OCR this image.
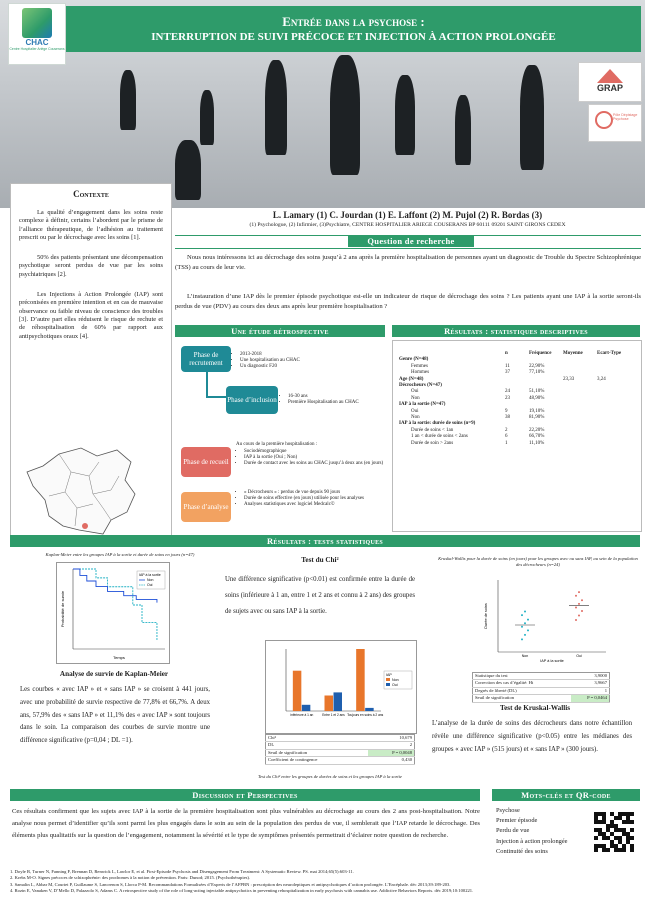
CHAC
Centre Hospitalier Ariège Couserans
Entrée dans la psychose :
INTERRUPTION DE SUIVI PRÉCOCE ET INJECTION À ACTION PROLONGÉE
GRAP
Pôle Dépistage Psychose
Contexte
La qualité d’engagement dans les soins reste complexe à définir, certains l’abordent par le prisme de l’alliance thérapeutique, de l’adhésion au traitement prescrit ou par le décrochage avec les soins [1].
50% des patients présentant une décompensation psychotique seront perdus de vue par les soins psychiatriques [2].
Les Injections à Action Prolongée (IAP) sont préconisées en première intention et en cas de mauvaise observance ou faible niveau de conscience des troubles [3]. D’autre part elles réduisent le risque de rechute et de réhospitalisation de 60% par rapport aux antipsychotiques oraux [4].
L. Lamary (1) C. Jourdan (1) E. Laffont (2) M. Pujol (2) R. Bordas (3)
(1) Psychologue, (2) Infirmier, (3)Psychiatre, CENTRE HOSPITALIER ARIEGE COUSERANS BP 60111 09201 SAINT GIRONS CEDEX
Question de recherche
Nous nous intéressons ici au décrochage des soins jusqu’à 2 ans après la première hospitalisation de personnes ayant un diagnostic de Trouble du Spectre Schizophrénique (TSS) au cours de leur vie.
L’instauration d’une IAP dès le premier épisode psychotique est-elle un indicateur de risque de décrochage des soins ? Les patients ayant une IAP à la sortie seront-ils perdus de vue (PDV) au cours des deux ans après leur première hospitalisation ?
Une étude rétrospective
Phase de recrutement
• 2013-2018
• Une hospitalisation au CHAC
• Un diagnostic F20
Phase d’inclusion • 16-30 ans
• Première Hospitalisation au CHAC
Phase de recueil
Au cours de la première hospitalisation :
• Sociodémographique
• IAP à la sortie (Oui ; Non)
• Durée de contact avec les soins au CHAC jusqu’à deux ans (en jours)
Phase d’analyse
• « Décrocheurs » : perdus de vue depuis 90 jours
• Durée de soins effective (en jours) utilisée pour les analyses
• Analyses statistiques avec logiciel Medcalc©
Résultats : statistiques descriptives
	n	Fréquence	Moyenne	Ecart-Type
Genre (N=48)				
Femmes	11	22,90%		
Hommes	37	77,10%		

Age (N=48)			23,33	3,24

Décrocheurs (N=47)				
Oui	24	51,10%		
Non	23	48,90%		

IAP à la sortie (N=47)				
Oui	9	19,10%		
Non	38	81,90%		

IAP à la sortie: durée de soins (n=9)				
Durée de soins < 1an	2	22,20%		
1 an < durée de soins < 2ans	6	66,70%		
Durée de soin > 2ans	1	11,10%		
Résultats : tests statistiques
Kaplan-Meier entre les groupes IAP à la sortie et durée de soins en jours (n=47)
IAP à la sortie
Non
Oui
Temps
Probabilité de survie
Analyse de survie de Kaplan-Meier
Les courbes « avec IAP » et « sans IAP » se croisent à 441 jours, avec une probabilité de survie respective de 77,8% et 66,7%. A deux ans, 57,9% des « sans IAP » et 11,1% des « avec IAP » sont toujours dans le soin. La comparaison des courbes de survie montre une différence significative (p=0,04 ; DL =1).
Test du Chi²
Une différence significative (p<0.01) est confirmée entre la durée de soins (inférieure à 1 an, entre 1 et 2 ans et connu à 2 ans) des groupes de sujets avec ou sans IAP à la sortie.
inférieure à 1 an	Entre 1 et 2 ans Toujours en soins à 2 ans
IAP
Non
Oui
Chi²	10,679
DL	2
Seuil de signification	P = 0,0048
Coefficient de contingence	0,430
Test du Chi² entre les groupes de durées de soins et les groupes IAP à la sortie
Kruskal-Wallis pour la durée de soins (en jours) pour les groupes avec ou sans IAP, au sein de la population des décrocheurs (n=24)
Non	Oui
IAP à la sortie
Durée de soins
Statistique du test	3,9000
Correction des cas d’égalité: Ht	3,9667
Degrés de liberté (DL)	1
Seuil de signification	P = 0,0464
Test de Kruskal-Wallis
L’analyse de la durée de soins des décrocheurs dans notre échantillon révèle une différence significative (p<0.05) entre les médianes des groupes « avec IAP » (515 jours) et « sans IAP » (300 jours).
Discussion et Perspectives
Ces résultats confirment que les sujets avec IAP à la sortie de la première hospitalisation sont plus vulnérables au décrochage au cours des 2 ans post-hospitalisation. Notre analyse nous permet d’identifier qu’ils sont parmi les plus engagés dans le soin au sein de la population des perdus de vue, il semblerait que l’IAP retarde le décrochage. Des éléments plus qualitatifs sur la question de l’engagement, notamment la sévérité et le type de symptômes présentés permettrait d’éclairer notre question de recherche.
Mots-clés et QR-code
Psychose
Premier épisode
Perdu de vue
Injection à action prolongée
Continuité des soins
1. Doyle R, Turner N, Fanning F, Brennan D, Renwick L, Lawlor E, et al. First-Episode Psychosis and Disengagement From Treatment: A Systematic Review. PS. mai 2014;65(5):603‑11.
2. Krebs M-O. Signes précoces de schizophrénie: des prodromes à la notion de prévention. Paris: Dunod; 2015. (Psychothérapies).
3. Samalin L, Abbar M, Courtet P, Guillaume S, Lancrenon S, Llorca P-M. Recommandations Formalisées d’Experts de l’AFPBN : prescription des neuroleptiques et antipsychotiques d’action prolongée. L’Encéphale. déc 2013;39:189‑203.
4. Rozin E, Vanaken V, D’Mello D, Palazzolo S, Adams C. A retrospective study of the role of long-acting injectable antipsychotics in preventing rehospitalization in early psychosis with cannabis use. Addictive Behaviors Reports. déc 2019;10:100221.
